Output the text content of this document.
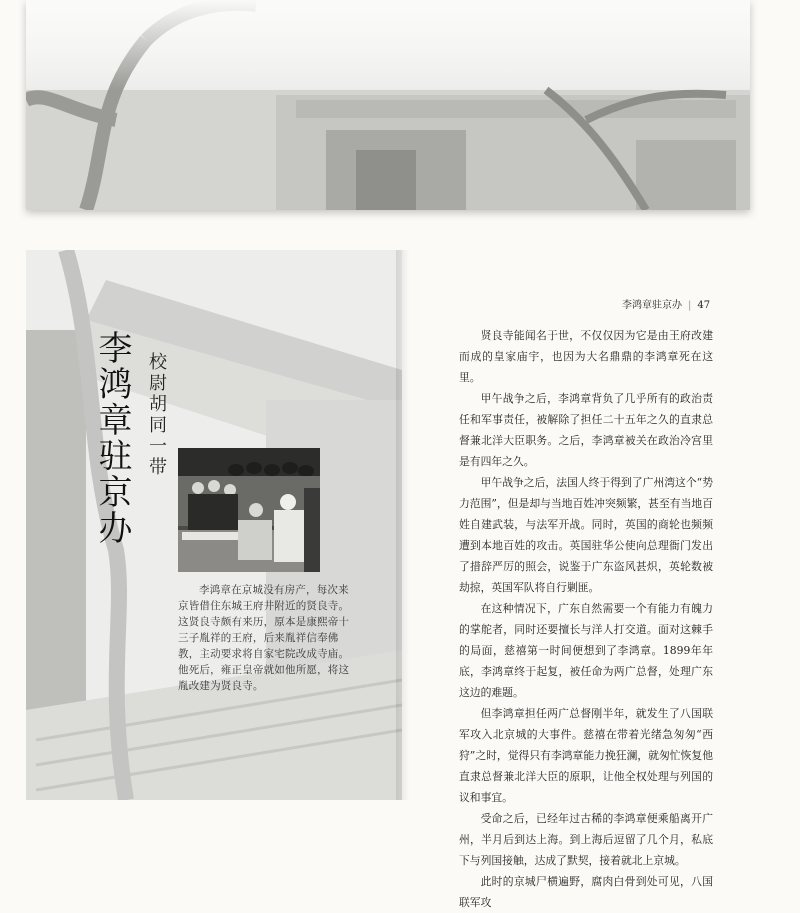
李鸿章驻京办 校尉胡同一带
李鸿章在京城没有房产，每次来京皆借住东城王府井附近的贤良寺。这贤良寺颇有来历，原本是康熙帝十三子胤祥的王府，后来胤祥信奉佛教，主动要求将自家宅院改成寺庙。他死后，雍正皇帝就如他所愿，将这胤改建为贤良寺。
李鸿章驻京办 | 47

贤良寺能闻名于世，不仅仅因为它是由王府改建而成的皇家庙宇，也因为大名鼎鼎的李鸿章死在这里。

甲午战争之后，李鸿章背负了几乎所有的政治责任和军事责任，被解除了担任二十五年之久的直隶总督兼北洋大臣职务。之后，李鸿章被关在政治冷宫里是有四年之久。

甲午战争之后，法国人终于得到了广州湾这个“势力范围”，但是却与当地百姓冲突频繁，甚至有当地百姓自建武装，与法军开战。同时，英国的商轮也频频遭到本地百姓的攻击。英国驻华公使向总理衙门发出了措辞严厉的照会，说鉴于广东盗风甚炽，英轮数被劫掠，英国军队将自行剿匪。

在这种情况下，广东自然需要一个有能力有魄力的掌舵者，同时还要擅长与洋人打交道。面对这棘手的局面，慈禧第一时间便想到了李鸿章。1899年年底，李鸿章终于起复，被任命为两广总督，处理广东这边的难题。

但李鸿章担任两广总督刚半年，就发生了八国联军攻入北京城的大事件。慈禧在带着光绪急匆匆“西狩”之时，觉得只有李鸿章能力挽狂澜，就匆忙恢复他直隶总督兼北洋大臣的原职，让他全权处理与列国的议和事宜。

受命之后，已经年过古稀的李鸿章便乘船离开广州，半月后到达上海。到上海后逗留了几个月，私底下与列国接触，达成了默契，接着就北上京城。

此时的京城尸横遍野，腐肉白骨到处可见，八国联军攻
